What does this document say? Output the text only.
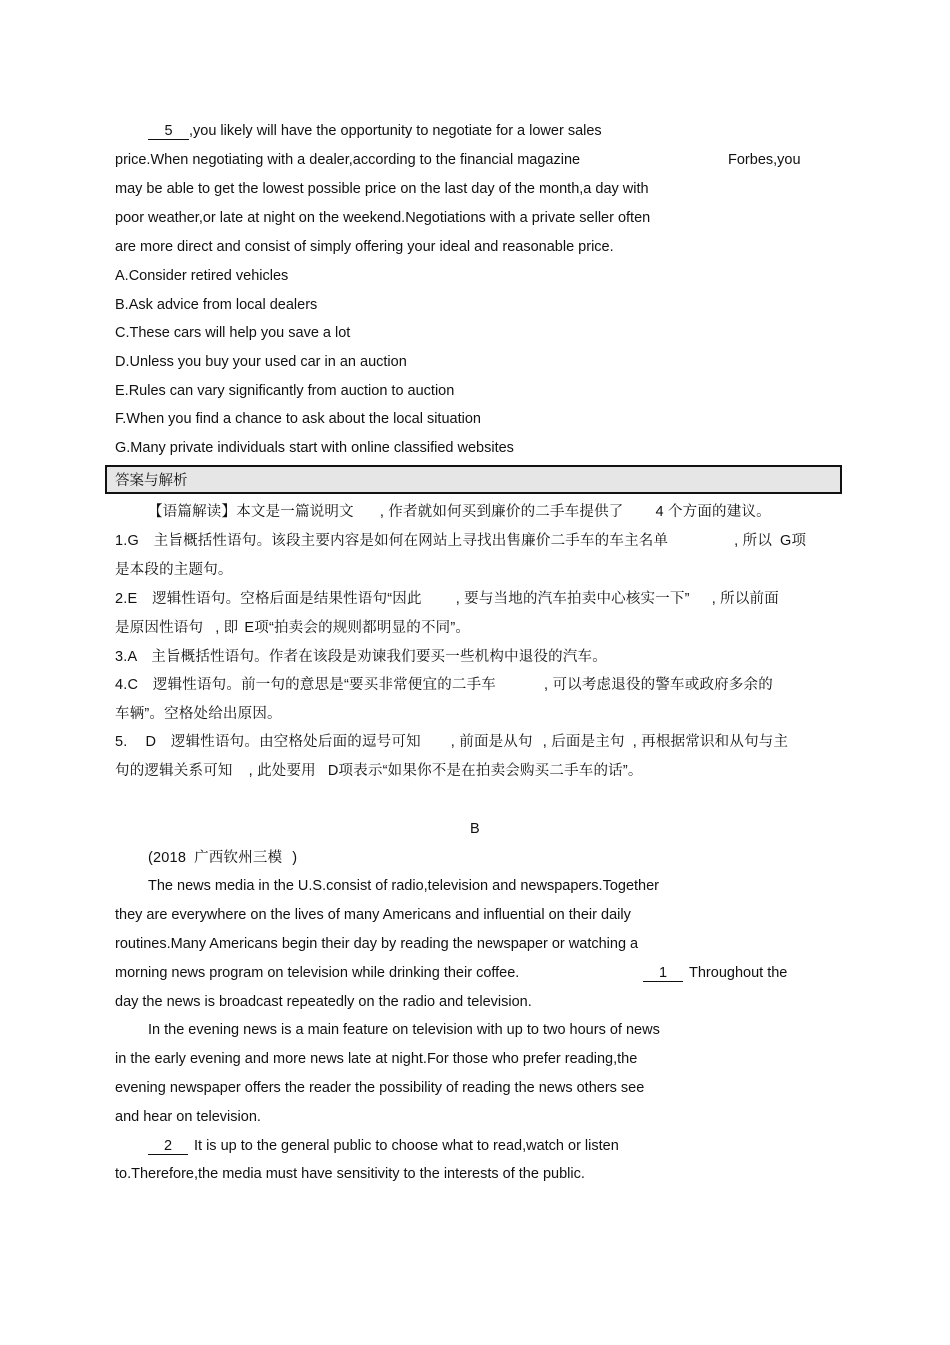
5 ,you likely will have the opportunity to negotiate for a lower sales
price.When negotiating with a dealer,according to the financial magazine	Forbes,you
may be able to get the lowest possible price on the last day of the month,a day with
poor weather,or late at night on the weekend.Negotiations with a private seller often
are more direct and consist of simply offering your ideal and reasonable price.
A.Consider retired vehicles
B.Ask advice from local dealers
C.These cars will help you save a lot
D.Unless you buy your used car in an auction
E.Rules can vary significantly from auction to auction
F.When you find a chance to ask about the local situation
G.Many private individuals start with online classified websites
答案与解析
【语篇解读】本文是一篇说明文 , 作者就如何买到廉价的二手车提供了 4 个方面的建议。
1.G　主旨概括性语句。该段主要内容是如何在网站上寻找出售廉价二手车的车主名单	, 所以 G项
是本段的主题句。
2.E　逻辑性语句。空格后面是结果性语句“因此 , 要与当地的汽车拍卖中心核实一下” , 所以前面
是原因性语句 , 即 E项“拍卖会的规则都明显的不同”。
3.A　主旨概括性语句。作者在该段是劝谏我们要买一些机构中退役的汽车。
4.C　逻辑性语句。前一句的意思是“要买非常便宜的二手车	, 可以考虑退役的警车或政府多余的
车辆”。空格处给出原因。
5. D　逻辑性语句。由空格处后面的逗号可知 , 前面是从句 , 后面是主句 , 再根据常识和从句与主
句的逻辑关系可知 , 此处要用 D项表示“如果你不是在拍卖会购买二手车的话”。
B
(2018 广西钦州三模 )
The news media in the U.S.consist of radio,television and newspapers.Together
they are everywhere on the lives of many Americans and influential on their daily
routines.Many Americans begin their day by reading the newspaper or watching a
morning news program on television while drinking their coffee.	1 Throughout the
day the news is broadcast repeatedly on the radio and television.
In the evening news is a main feature on television with up to two hours of news
in the early evening and more news late at night.For those who prefer reading,the
evening newspaper offers the reader the possibility of reading the news others see
and hear on television.
2 It is up to the general public to choose what to read,watch or listen
to.Therefore,the media must have sensitivity to the interests of the public.
